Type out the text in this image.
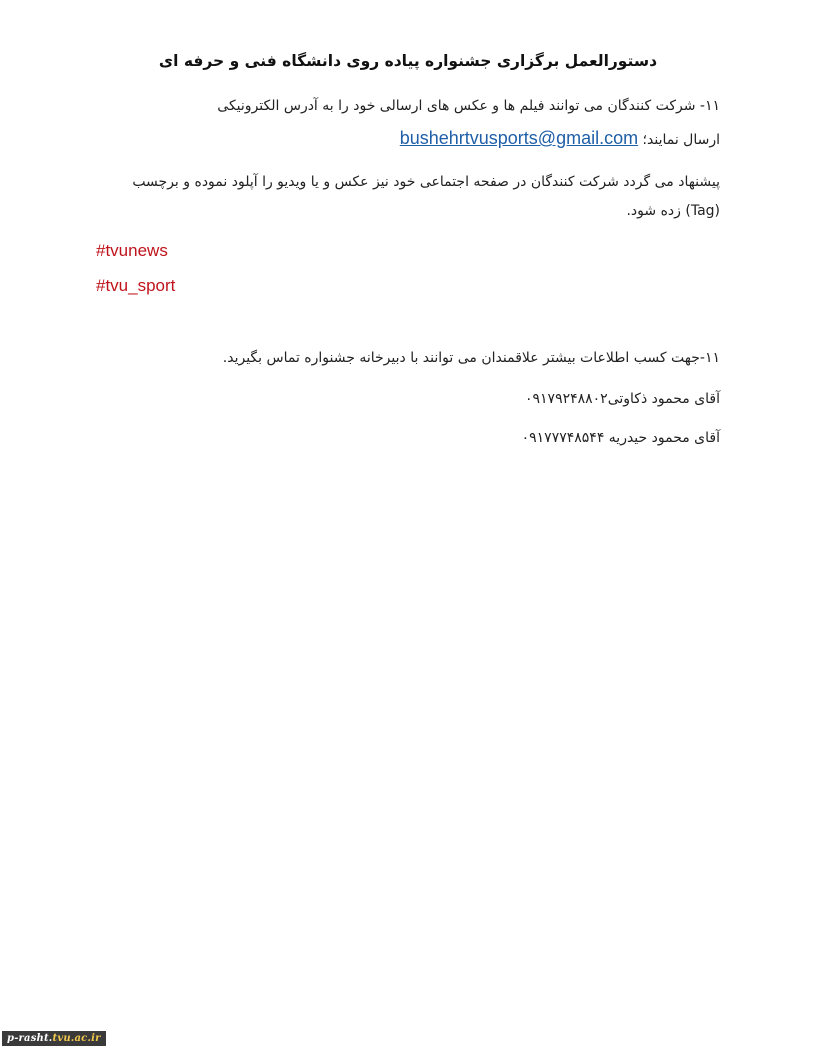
دستورالعمل برگزاری جشنواره پیاده روی دانشگاه فنی و حرفه ای
۱۱- شرکت کنندگان می توانند فیلم ها و عکس های ارسالی خود را به آدرس الکترونیکی
ارسال نمایند؛ bushehrtvusports@gmail.com
پیشنهاد می گردد شرکت کنندگان در صفحه اجتماعی خود نیز عکس و یا ویدیو را آپلود نموده و برچسب
(Tag) زده شود.
#tvunews
#tvu_sport
۱۱-جهت کسب اطلاعات بیشتر علاقمندان می توانند با دبیرخانه جشنواره تماس بگیرید.
آقای محمود ذکاوتی۰۹۱۷۹۲۴۸۸۰۲
آقای محمود حیدریه ۰۹۱۷۷۷۴۸۵۴۴
p-rasht.tvu.ac.ir
